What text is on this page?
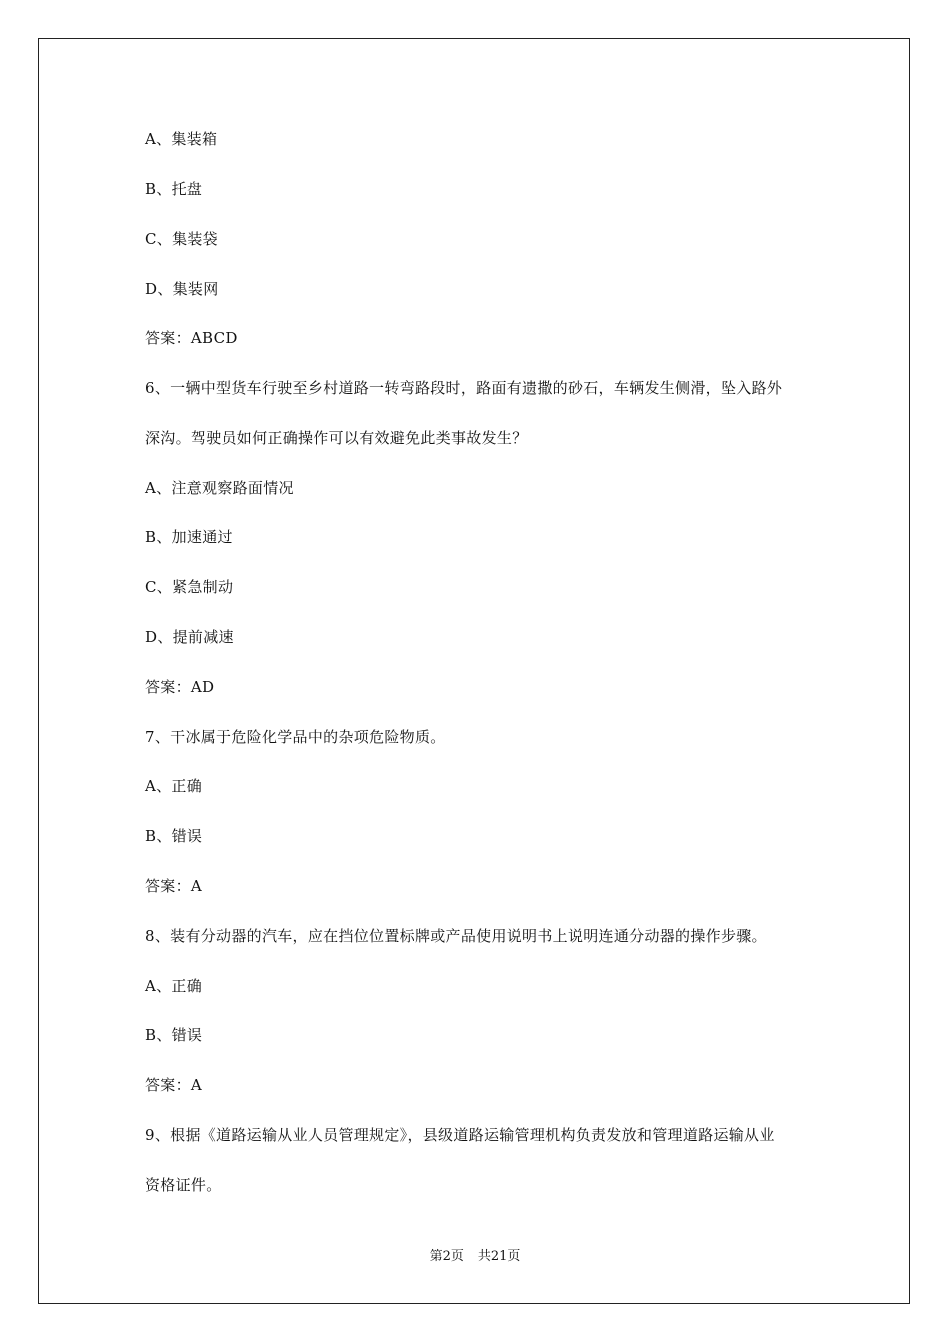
A、集装箱
B、托盘
C、集装袋
D、集装网
答案：ABCD
6、一辆中型货车行驶至乡村道路一转弯路段时，路面有遗撒的砂石，车辆发生侧滑，坠入路外
深沟。驾驶员如何正确操作可以有效避免此类事故发生？
A、注意观察路面情况
B、加速通过
C、紧急制动
D、提前减速
答案：AD
7、干冰属于危险化学品中的杂项危险物质。
A、正确
B、错误
答案：A
8、装有分动器的汽车，应在挡位位置标牌或产品使用说明书上说明连通分动器的操作步骤。
A、正确
B、错误
答案：A
9、根据《道路运输从业人员管理规定》，县级道路运输管理机构负责发放和管理道路运输从业
资格证件。
第2页 共21页
